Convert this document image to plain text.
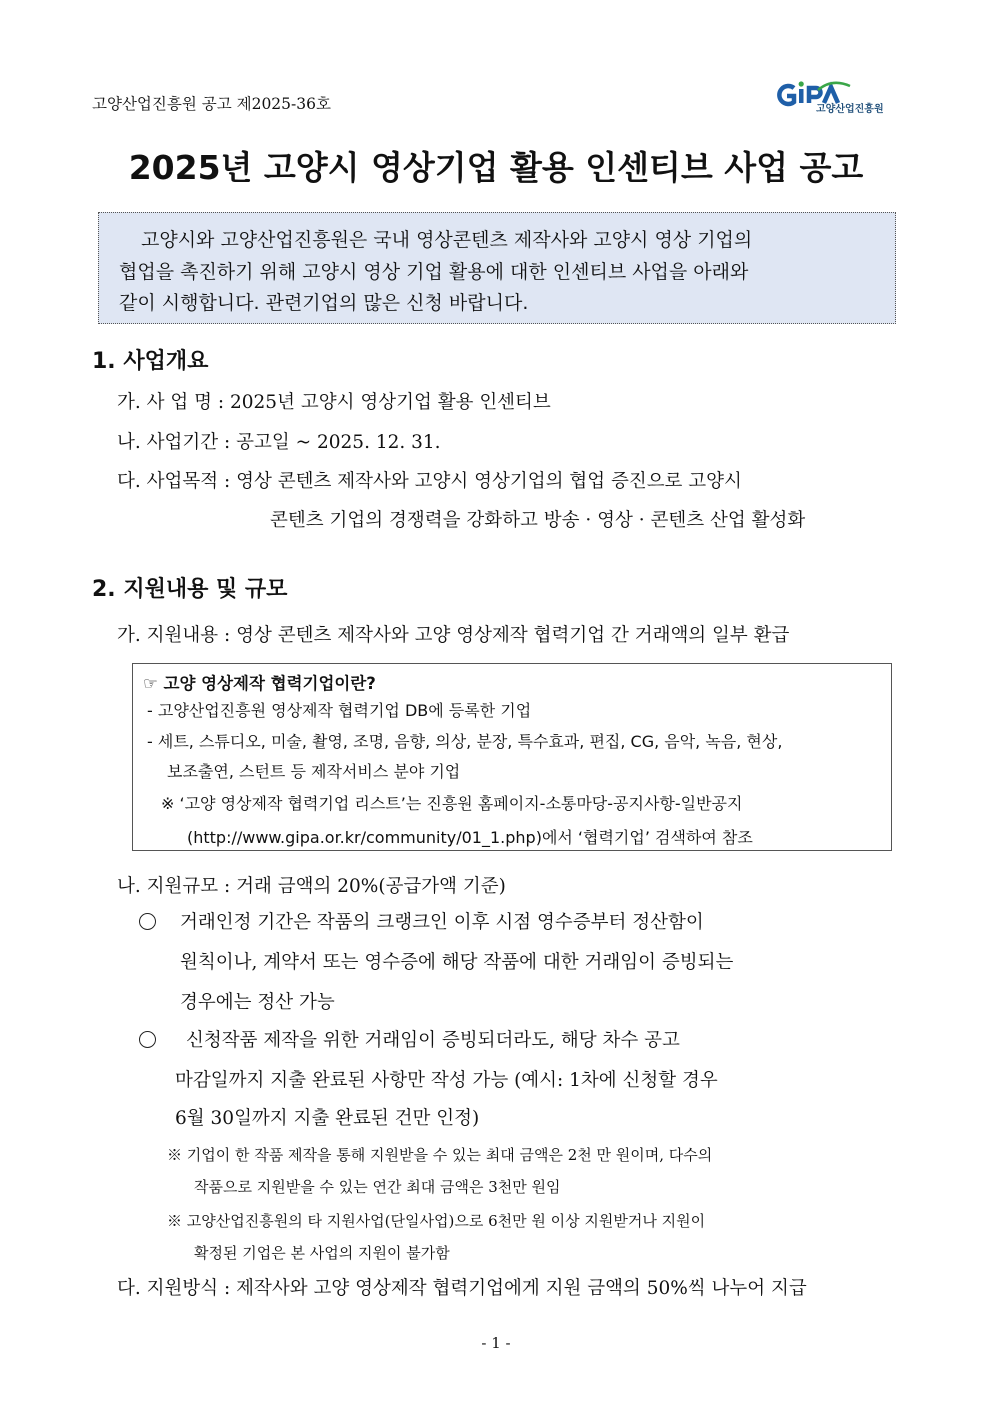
고양산업진흥원 공고 제2025-36호	고양산업진흥원
2025년 고양시 영상기업 활용 인센티브 사업 공고
고양시와 고양산업진흥원은 국내 영상콘텐츠 제작사와 고양시 영상 기업의
협업을 촉진하기 위해 고양시 영상 기업 활용에 대한 인센티브 사업을 아래와
같이 시행합니다. 관련기업의 많은 신청 바랍니다.
1. 사업개요
가. 사 업 명 : 2025년 고양시 영상기업 활용 인센티브
나. 사업기간 : 공고일 ~ 2025. 12. 31.
다. 사업목적 : 영상 콘텐츠 제작사와 고양시 영상기업의 협업 증진으로 고양시
콘텐츠 기업의 경쟁력을 강화하고 방송 · 영상 · 콘텐츠 산업 활성화
2. 지원내용 및 규모
가. 지원내용 : 영상 콘텐츠 제작사와 고양 영상제작 협력기업 간 거래액의 일부 환급
☞ 고양 영상제작 협력기업이란?
- 고양산업진흥원 영상제작 협력기업 DB에 등록한 기업
- 세트, 스튜디오, 미술, 촬영, 조명, 음향, 의상, 분장, 특수효과, 편집, CG, 음악, 녹음, 현상,
보조출연, 스턴트 등 제작서비스 분야 기업
※ ‘고양 영상제작 협력기업 리스트’는 진흥원 홈페이지-소통마당-공지사항-일반공지
(http://www.gipa.or.kr/community/01_1.php)에서 ‘협력기업’ 검색하여 참조
나. 지원규모 : 거래 금액의 20%(공급가액 기준)
거래인정 기간은 작품의 크랭크인 이후 시점 영수증부터 정산함이
원칙이나, 계약서 또는 영수증에 해당 작품에 대한 거래임이 증빙되는
경우에는 정산 가능
신청작품 제작을 위한 거래임이 증빙되더라도, 해당 차수 공고
마감일까지 지출 완료된 사항만 작성 가능 (예시: 1차에 신청할 경우
6월 30일까지 지출 완료된 건만 인정)
※ 기업이 한 작품 제작을 통해 지원받을 수 있는 최대 금액은 2천 만 원이며, 다수의
작품으로 지원받을 수 있는 연간 최대 금액은 3천만 원임
※ 고양산업진흥원의 타 지원사업(단일사업)으로 6천만 원 이상 지원받거나 지원이
확정된 기업은 본 사업의 지원이 불가함
다. 지원방식 : 제작사와 고양 영상제작 협력기업에게 지원 금액의 50%씩 나누어 지급
- 1 -
